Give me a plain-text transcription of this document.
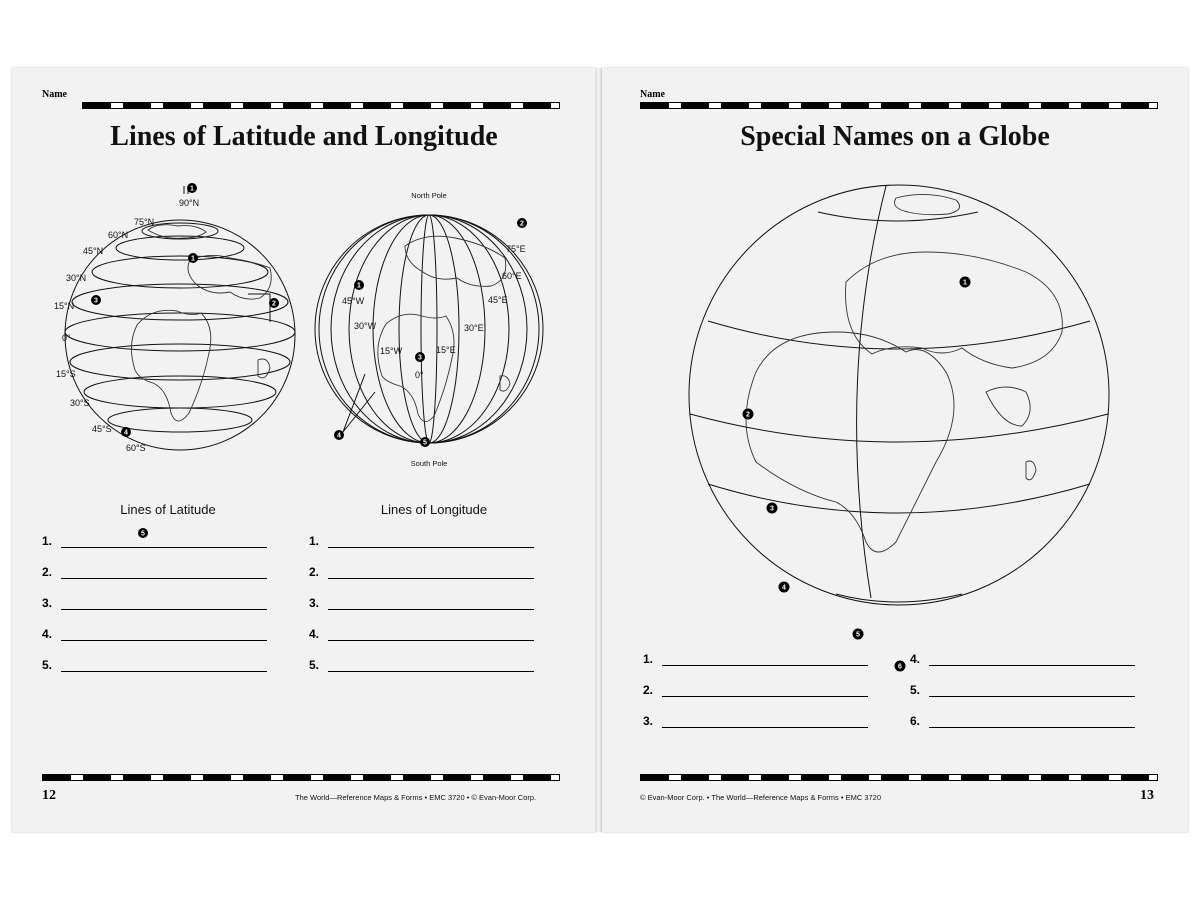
Name
Lines of Latitude and Longitude
90°N
75°N
60°N
45°N
30°N
15°N
0°
15°S
30°S
45°S
60°S
1
1
2
3
4
5
North Pole
South Pole
75°E
60°E
45°E
30°E
15°E
0°
15°W
30°W
45°W
1
2
3
4
5
Lines of Latitude	Lines of Longitude
1.
2.
3.
4.
5.
1.
2.
3.
4.
5.
12	The World—Reference Maps & Forms • EMC 3720 • © Evan-Moor Corp.
Name
Special Names on a Globe
1
2
3
4
5
6
1.
2.
3.
4.
5.
6.
© Evan-Moor Corp. • The World—Reference Maps & Forms • EMC 3720	13
